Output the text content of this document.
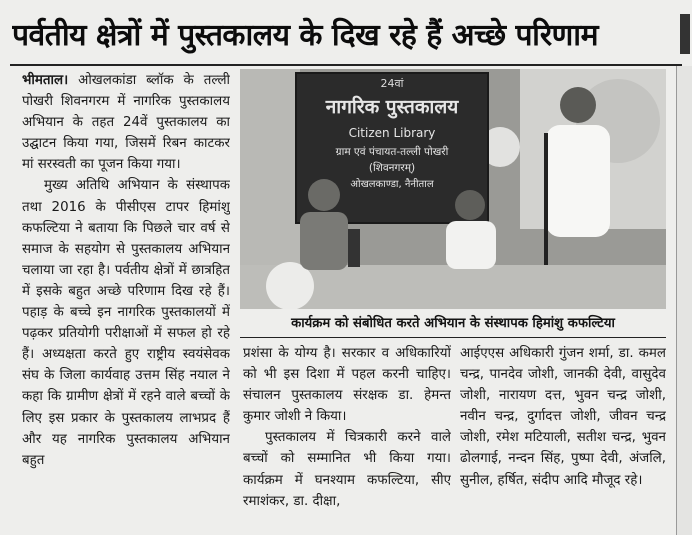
पर्वतीय क्षेत्रों में पुस्तकालय के दिख रहे हैं अच्छे परिणाम

भीमताल। ओखलकांडा ब्लॉक के तल्ली पोखरी शिवनगरम में नागरिक पुस्तकालय अभियान के तहत 24वें पुस्तकालय का उद्घाटन किया गया, जिसमें रिबन काटकर मां सरस्वती का पूजन किया गया।

मुख्य अतिथि अभियान के संस्थापक तथा 2016 के पीसीएस टापर हिमांशु कफल्टिया ने बताया कि पिछले चार वर्ष से समाज के सहयोग से पुस्तकालय अभियान चलाया जा रहा है। पर्वतीय क्षेत्रों में छात्रहित में इसके बहुत अच्छे परिणाम दिख रहे हैं। पहाड़ के बच्चे इन नागरिक पुस्तकालयों में पढ़कर प्रतियोगी परीक्षाओं में सफल हो रहे हैं। अध्यक्षता करते हुए राष्ट्रीय स्वयंसेवक संघ के जिला कार्यवाह उत्तम सिंह नयाल ने कहा कि ग्रामीण क्षेत्रों में रहने वाले बच्चों के लिए इस प्रकार के पुस्तकालय लाभप्रद हैं और यह नागरिक पुस्तकालय अभियान बहुत

24वां
नागरिक पुस्तकालय
Citizen Library
ग्राम एवं पंचायत-तल्ली पोखरी
(शिवनगरम्)
ओखलकाण्डा, नैनीताल
कार्यक्रम को संबोधित करते अभियान के संस्थापक हिमांशु कफल्टिया

प्रशंसा के योग्य है। सरकार व अधिकारियों को भी इस दिशा में पहल करनी चाहिए। संचालन पुस्तकालय संरक्षक डा. हेमन्त कुमार जोशी ने किया।

पुस्तकालय में चित्रकारी करने वाले बच्चों को सम्मानित भी किया गया। कार्यक्रम में घनश्याम कफल्टिया, सीए रमाशंकर, डा. दीक्षा,

आईएएस अधिकारी गुंजन शर्मा, डा. कमल चन्द्र, पानदेव जोशी, जानकी देवी, वासुदेव जोशी, नारायण दत्त, भुवन चन्द्र जोशी, नवीन चन्द्र, दुर्गादत्त जोशी, जीवन चन्द्र जोशी, रमेश मटियाली, सतीश चन्द्र, भुवन ढोलगाई, नन्दन सिंह, पुष्पा देवी, अंजलि, सुनील, हर्षित, संदीप आदि मौजूद रहे।
